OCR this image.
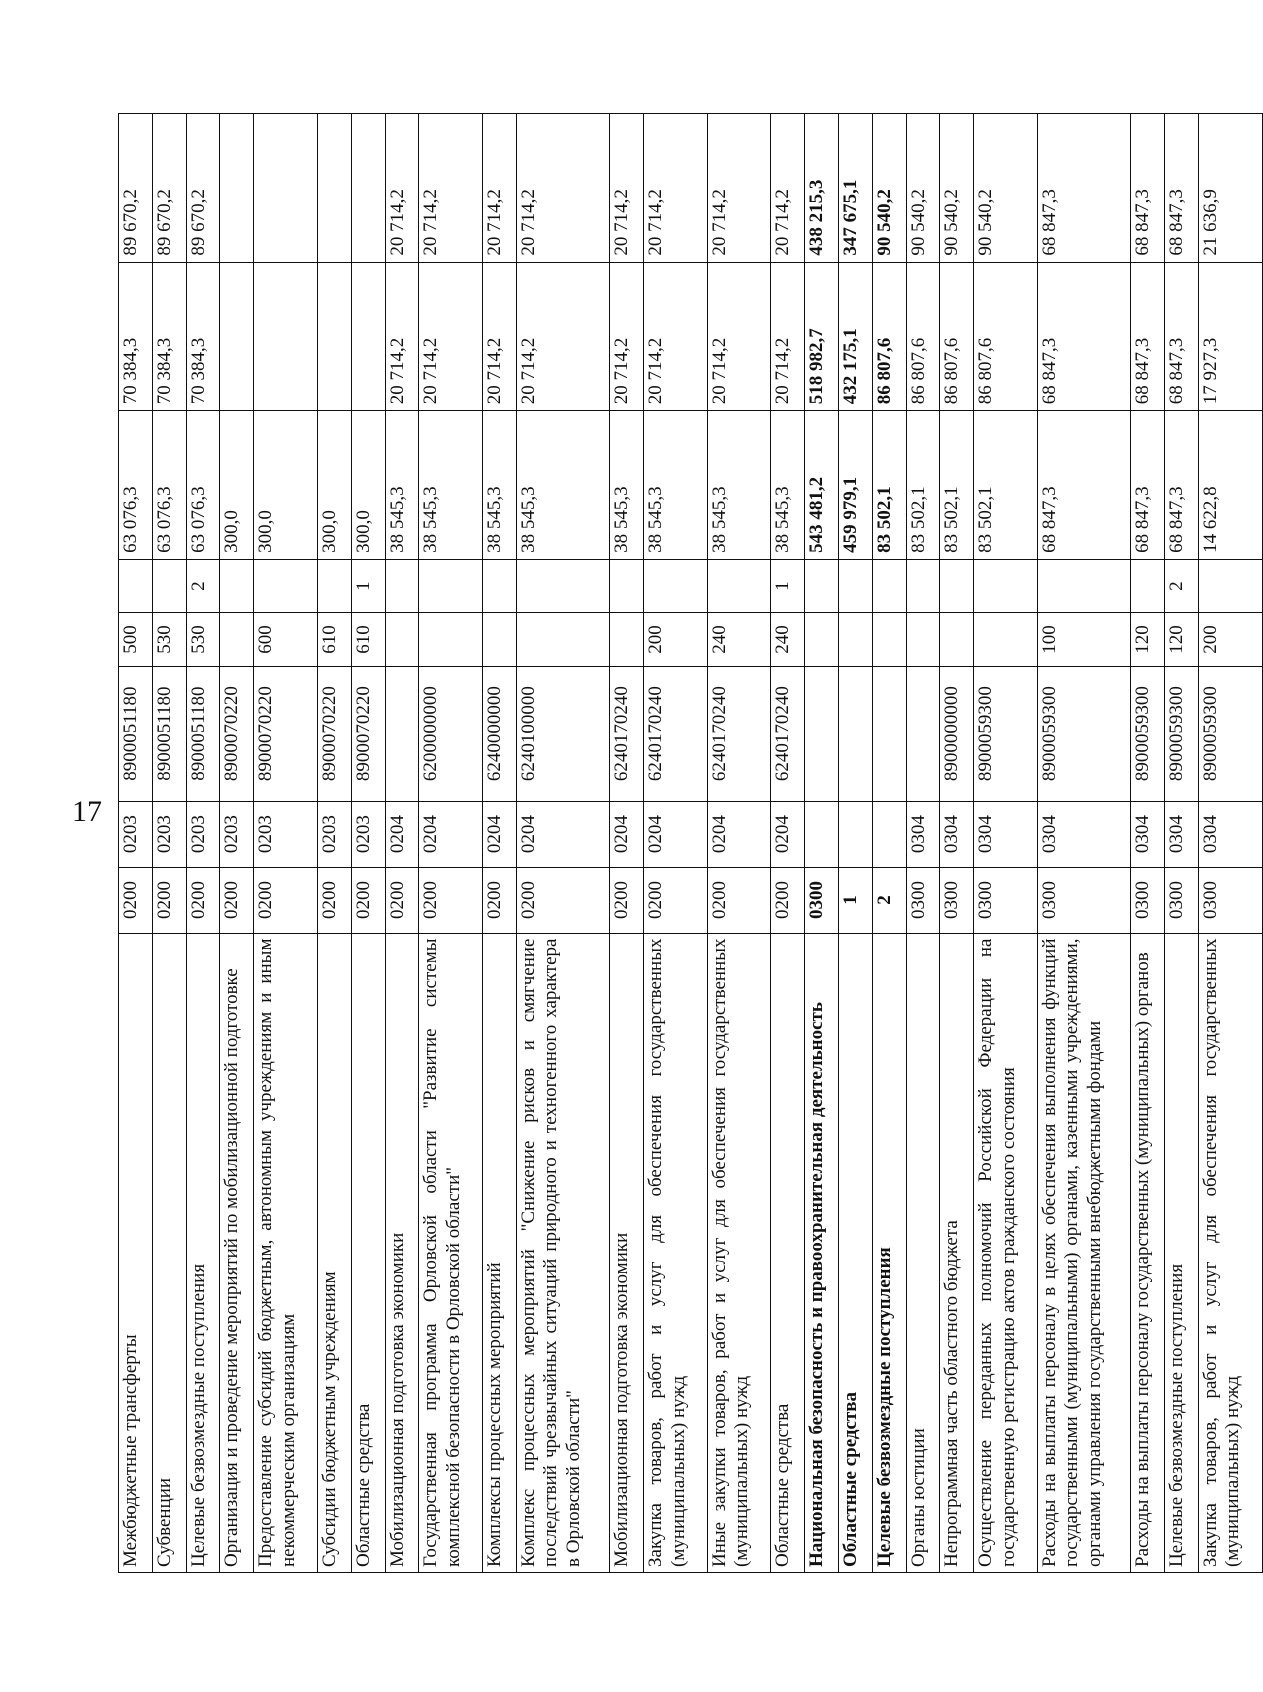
17
Межбюджетные трансферты	0200	0203	8900051180	500		63 076,3	70 384,3	89 670,2
Субвенции	0200	0203	8900051180	530		63 076,3	70 384,3	89 670,2
Целевые безвозмездные поступления	0200	0203	8900051180	530	2	63 076,3	70 384,3	89 670,2
Организация и проведение мероприятий по мобилизационной подготовке	0200	0203	8900070220			300,0		
Предоставление субсидий бюджетным, автономным учреждениям и иным некоммерческим организациям	0200	0203	8900070220	600		300,0		
Субсидии бюджетным учреждениям	0200	0203	8900070220	610		300,0		
Областные средства	0200	0203	8900070220	610	1	300,0		
Мобилизационная подготовка экономики	0200	0204				38 545,3	20 714,2	20 714,2
Государственная программа Орловской области "Развитие системы комплексной безопасности в Орловской области"	0200	0204	6200000000			38 545,3	20 714,2	20 714,2
Комплексы процессных мероприятий	0200	0204	6240000000			38 545,3	20 714,2	20 714,2
Комплекс процессных мероприятий "Снижение рисков и смягчение последствий чрезвычайных ситуаций природного и техногенного характера в Орловской области"	0200	0204	6240100000			38 545,3	20 714,2	20 714,2
Мобилизационная подготовка экономики	0200	0204	6240170240			38 545,3	20 714,2	20 714,2
Закупка товаров, работ и услуг для обеспечения государственных (муниципальных) нужд	0200	0204	6240170240	200		38 545,3	20 714,2	20 714,2
Иные закупки товаров, работ и услуг для обеспечения государственных (муниципальных) нужд	0200	0204	6240170240	240		38 545,3	20 714,2	20 714,2
Областные средства	0200	0204	6240170240	240	1	38 545,3	20 714,2	20 714,2
Национальная безопасность и правоохранительная деятельность	0300					543 481,2	518 982,7	438 215,3
Областные средства	1					459 979,1	432 175,1	347 675,1
Целевые безвозмездные поступления	2					83 502,1	86 807,6	90 540,2
Органы юстиции	0300	0304				83 502,1	86 807,6	90 540,2
Непрограммная часть областного бюджета	0300	0304	8900000000			83 502,1	86 807,6	90 540,2
Осуществление переданных полномочий Российской Федерации на государственную регистрацию актов гражданского состояния	0300	0304	8900059300			83 502,1	86 807,6	90 540,2
Расходы на выплаты персоналу в целях обеспечения выполнения функций государственными (муниципальными) органами, казенными учреждениями, органами управления государственными внебюджетными фондами	0300	0304	8900059300	100		68 847,3	68 847,3	68 847,3
Расходы на выплаты персоналу государственных (муниципальных) органов	0300	0304	8900059300	120		68 847,3	68 847,3	68 847,3
Целевые безвозмездные поступления	0300	0304	8900059300	120	2	68 847,3	68 847,3	68 847,3
Закупка товаров, работ и услуг для обеспечения государственных (муниципальных) нужд	0300	0304	8900059300	200		14 622,8	17 927,3	21 636,9
